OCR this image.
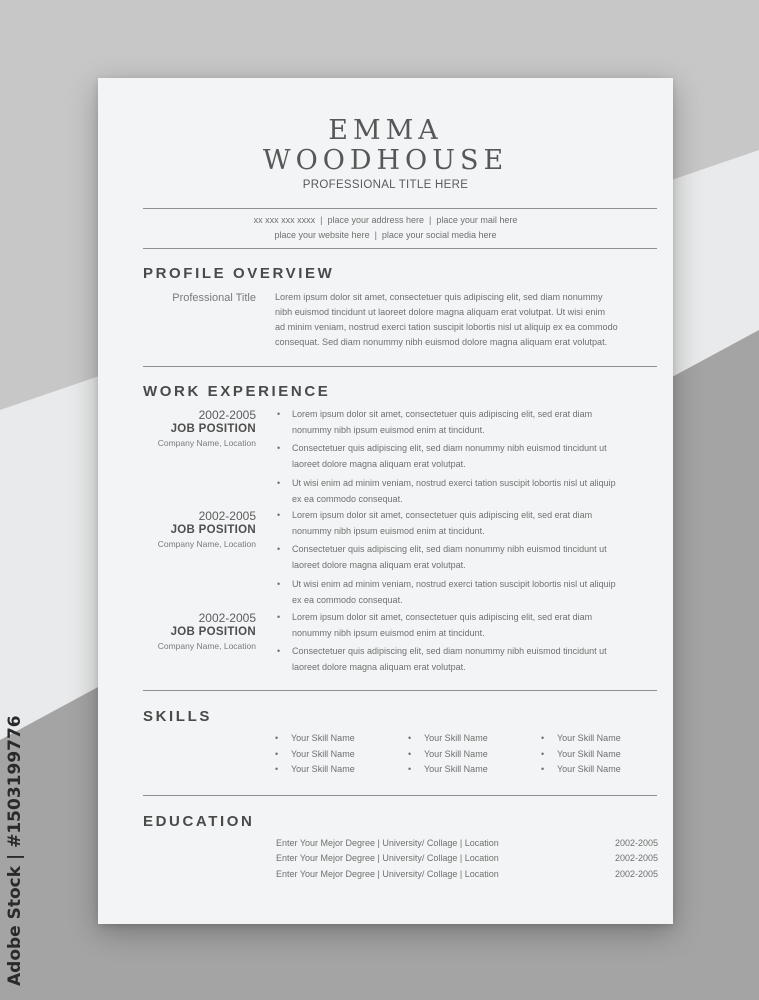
Adobe Stock | #1503199776
EMMA
WOODHOUSE
PROFESSIONAL TITLE HERE
xx xxx xxx xxxx | place your address here | place your mail here
place your website here | place your social media here
PROFILE OVERVIEW
Professional Title Lorem ipsum dolor sit amet, consectetuer quis adipiscing elit, sed diam nonummy
nibh euismod tincidunt ut laoreet dolore magna aliquam erat volutpat. Ut wisi enim
ad minim veniam, nostrud exerci tation suscipit lobortis nisl ut aliquip ex ea commodo
consequat. Sed diam nonummy nibh euismod dolore magna aliquam erat volutpat.
WORK EXPERIENCE
2002-2005
JOB POSITION
Company Name, Location
• Lorem ipsum dolor sit amet, consectetuer quis adipiscing elit, sed erat diam
nonummy nibh ipsum euismod enim at tincidunt.
• Consectetuer quis adipiscing elit, sed diam nonummy nibh euismod tincidunt ut
laoreet dolore magna aliquam erat volutpat.
• Ut wisi enim ad minim veniam, nostrud exerci tation suscipit lobortis nisl ut aliquip
ex ea commodo consequat.
2002-2005
JOB POSITION
Company Name, Location
• Lorem ipsum dolor sit amet, consectetuer quis adipiscing elit, sed erat diam
nonummy nibh ipsum euismod enim at tincidunt.
• Consectetuer quis adipiscing elit, sed diam nonummy nibh euismod tincidunt ut
laoreet dolore magna aliquam erat volutpat.
• Ut wisi enim ad minim veniam, nostrud exerci tation suscipit lobortis nisl ut aliquip
ex ea commodo consequat.
2002-2005
JOB POSITION
Company Name, Location
• Lorem ipsum dolor sit amet, consectetuer quis adipiscing elit, sed erat diam
nonummy nibh ipsum euismod enim at tincidunt.
• Consectetuer quis adipiscing elit, sed diam nonummy nibh euismod tincidunt ut
laoreet dolore magna aliquam erat volutpat.
SKILLS
• Your Skill Name
• Your Skill Name
• Your Skill Name
• Your Skill Name
• Your Skill Name
• Your Skill Name
• Your Skill Name
• Your Skill Name
• Your Skill Name
EDUCATION
Enter Your Mejor Degree | University/ Collage | Location	2002-2005
Enter Your Mejor Degree | University/ Collage | Location	2002-2005
Enter Your Mejor Degree | University/ Collage | Location	2002-2005
